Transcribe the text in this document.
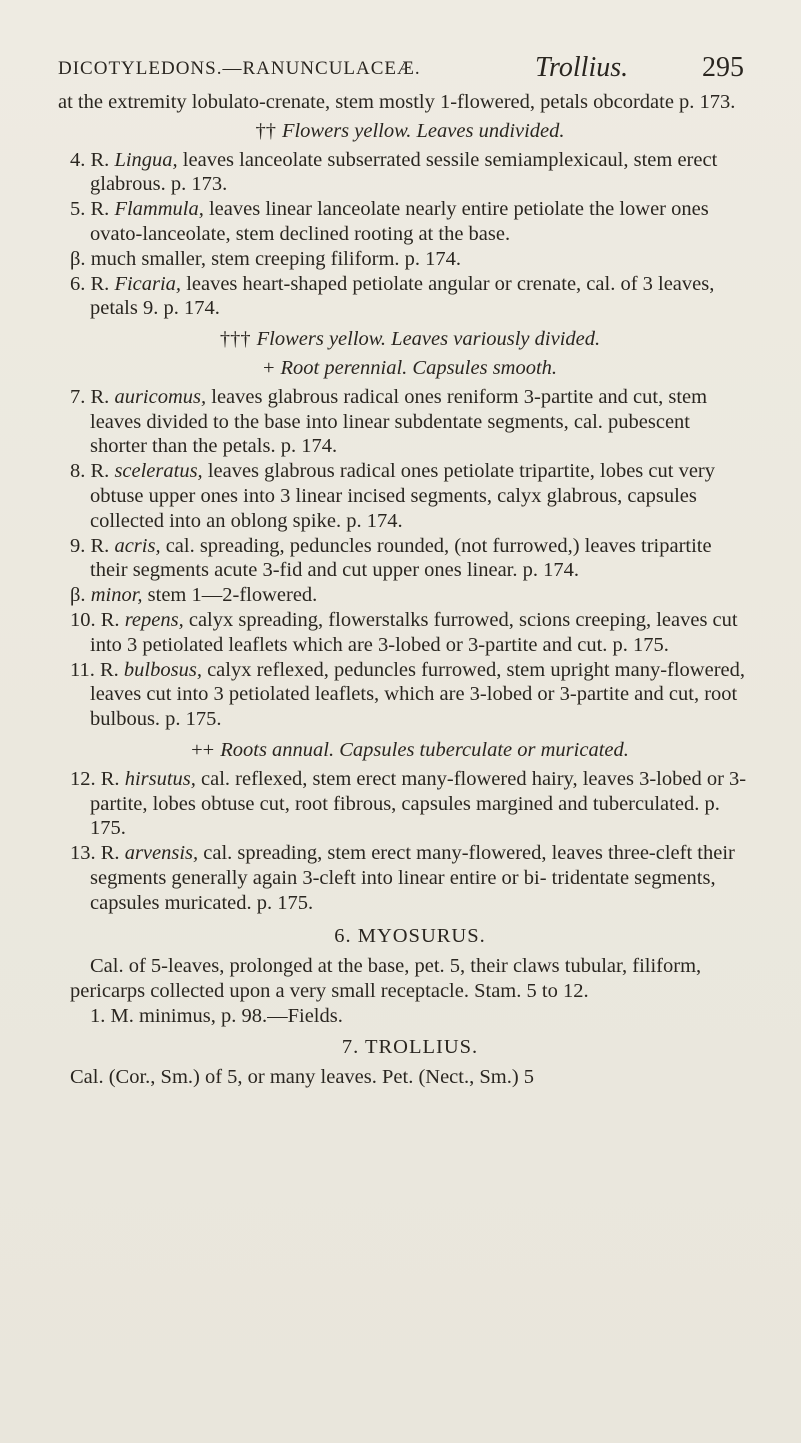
DICOTYLEDONS.—RANUNCULACEÆ.	Trollius.	295
at the extremity lobulato-crenate, stem mostly 1-flowered, petals obcordate p. 173.
†† Flowers yellow. Leaves undivided.
4. R. Lingua, leaves lanceolate subserrated sessile semiamplexicaul, stem erect glabrous. p. 173.
5. R. Flammula, leaves linear lanceolate nearly entire petiolate the lower ones ovato-lanceolate, stem declined rooting at the base.
β. much smaller, stem creeping filiform. p. 174.
6. R. Ficaria, leaves heart-shaped petiolate angular or crenate, cal. of 3 leaves, petals 9. p. 174.
††† Flowers yellow. Leaves variously divided.
+ Root perennial. Capsules smooth.
7. R. auricomus, leaves glabrous radical ones reniform 3-partite and cut, stem leaves divided to the base into linear subdentate segments, cal. pubescent shorter than the petals. p. 174.
8. R. sceleratus, leaves glabrous radical ones petiolate tripartite, lobes cut very obtuse upper ones into 3 linear incised segments, calyx glabrous, capsules collected into an oblong spike. p. 174.
9. R. acris, cal. spreading, peduncles rounded, (not furrowed,) leaves tripartite their segments acute 3-fid and cut upper ones linear. p. 174.
β. minor, stem 1—2-flowered.
10. R. repens, calyx spreading, flowerstalks furrowed, scions creeping, leaves cut into 3 petiolated leaflets which are 3-lobed or 3-partite and cut. p. 175.
11. R. bulbosus, calyx reflexed, peduncles furrowed, stem upright many-flowered, leaves cut into 3 petiolated leaflets, which are 3-lobed or 3-partite and cut, root bulbous. p. 175.
++ Roots annual. Capsules tuberculate or muricated.
12. R. hirsutus, cal. reflexed, stem erect many-flowered hairy, leaves 3-lobed or 3-partite, lobes obtuse cut, root fibrous, capsules margined and tuberculated. p. 175.
13. R. arvensis, cal. spreading, stem erect many-flowered, leaves three-cleft their segments generally again 3-cleft into linear entire or bi- tridentate segments, capsules muricated. p. 175.
6. MYOSURUS.
Cal. of 5-leaves, prolonged at the base, pet. 5, their claws tubular, filiform, pericarps collected upon a very small receptacle. Stam. 5 to 12.
1. M. minimus, p. 98.—Fields.
7. TROLLIUS.
Cal. (Cor., Sm.) of 5, or many leaves. Pet. (Nect., Sm.) 5
